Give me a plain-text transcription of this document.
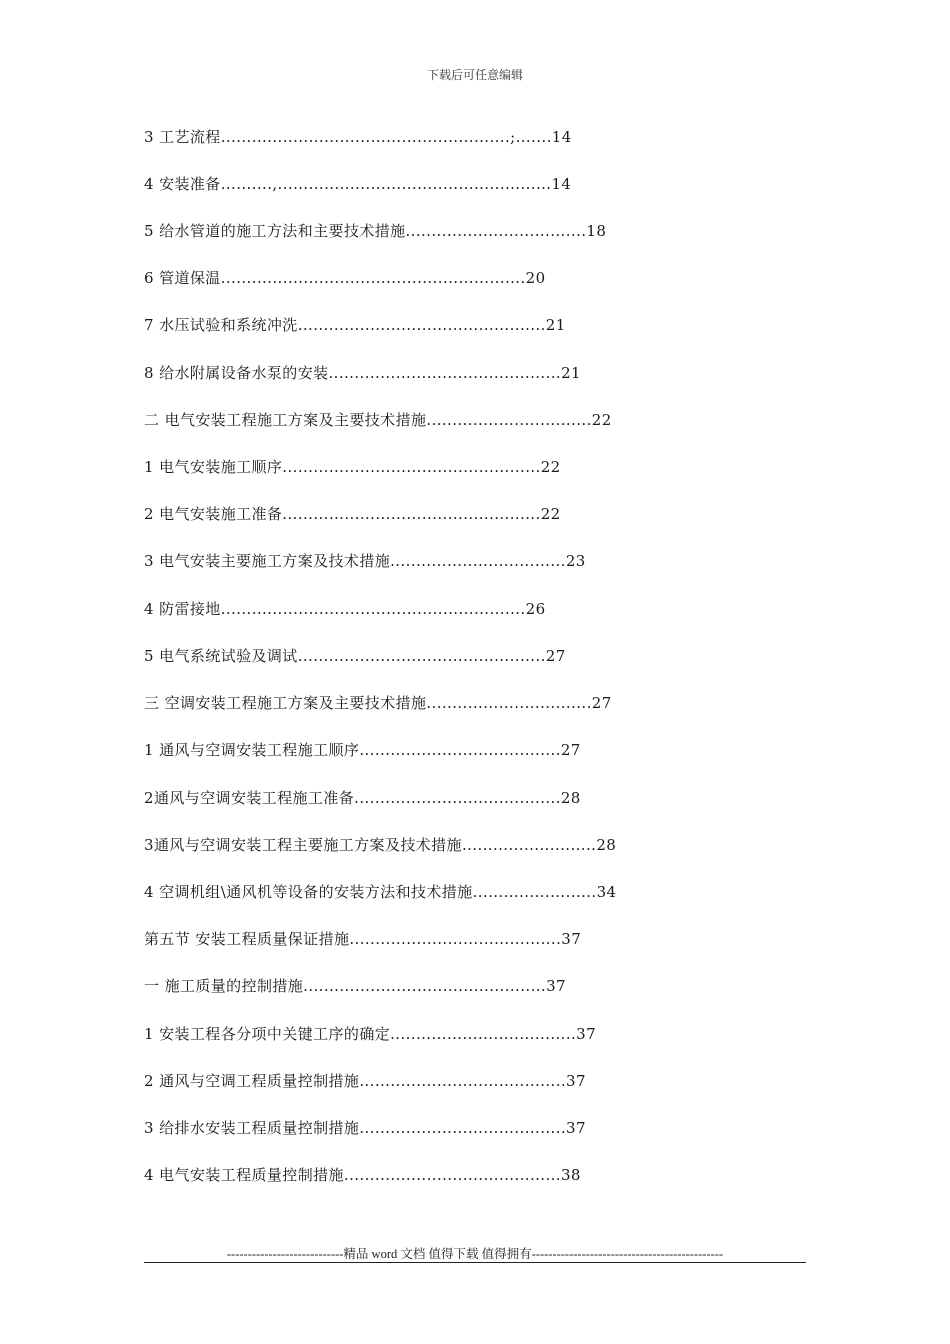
下载后可任意编辑
3 工艺流程........................................................;.......14
4 安装准备..........,.....................................................14
5 给水管道的施工方法和主要技术措施...................................18
6 管道保温...........................................................20
7 水压试验和系统冲洗................................................21
8 给水附属设备水泵的安装.............................................21
二 电气安装工程施工方案及主要技术措施................................22
1 电气安装施工顺序..................................................22
2 电气安装施工准备..................................................22
3 电气安装主要施工方案及技术措施..................................23
4 防雷接地...........................................................26
5 电气系统试验及调试................................................27
三 空调安装工程施工方案及主要技术措施................................27
1 通风与空调安装工程施工顺序.......................................27
2通风与空调安装工程施工准备........................................28
3通风与空调安装工程主要施工方案及技术措施..........................28
4 空调机组\通风机等设备的安装方法和技术措施........................34
第五节 安装工程质量保证措施.........................................37
一 施工质量的控制措施...............................................37
1 安装工程各分项中关键工序的确定....................................37
2 通风与空调工程质量控制措施........................................37
3 给排水安装工程质量控制措施........................................37
4 电气安装工程质量控制措施..........................................38
----------------------------精品 word 文档 值得下载 值得拥有----------------------------------------------
